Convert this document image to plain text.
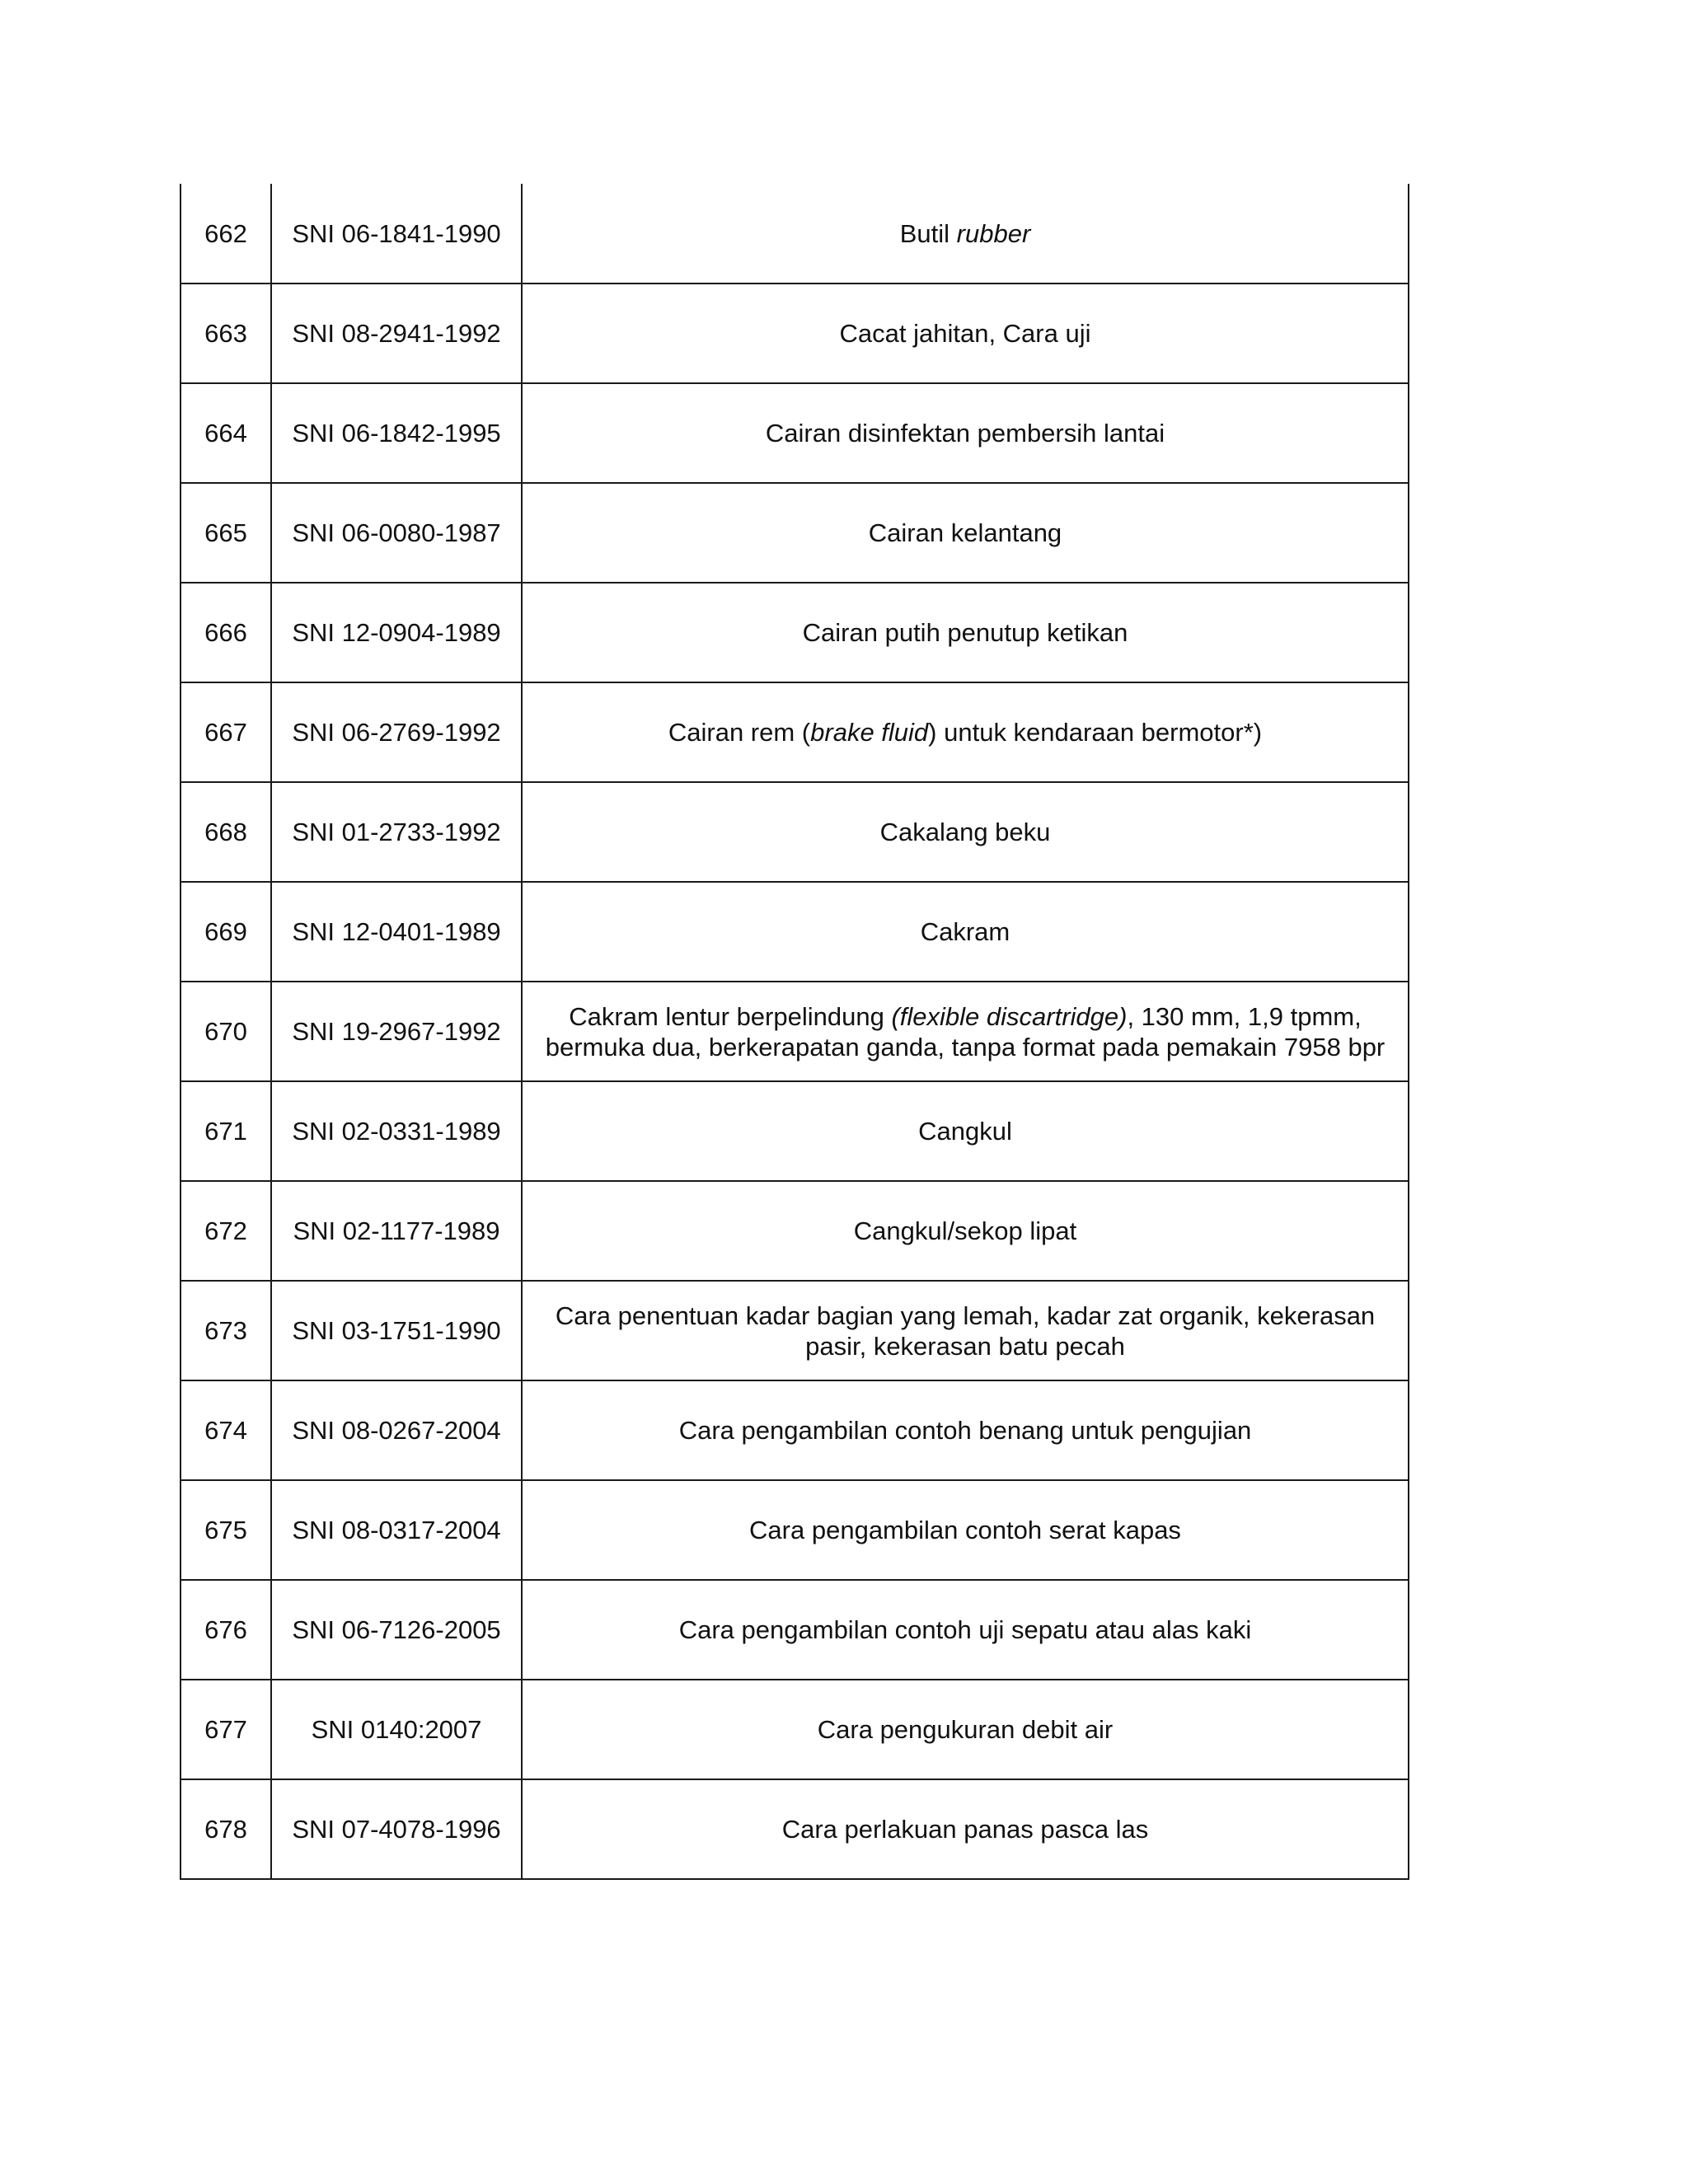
662	SNI 06-1841-1990	Butil rubber
663	SNI 08-2941-1992	Cacat jahitan, Cara uji
664	SNI 06-1842-1995	Cairan disinfektan pembersih lantai
665	SNI 06-0080-1987	Cairan kelantang
666	SNI 12-0904-1989	Cairan putih penutup ketikan
667	SNI 06-2769-1992	Cairan rem (brake fluid) untuk kendaraan bermotor*)
668	SNI 01-2733-1992	Cakalang beku
669	SNI 12-0401-1989	Cakram
670	SNI 19-2967-1992	Cakram lentur berpelindung (flexible discartridge), 130 mm, 1,9 tpmm, bermuka dua, berkerapatan ganda, tanpa format pada pemakain 7958 bpr
671	SNI 02-0331-1989	Cangkul
672	SNI 02-1177-1989	Cangkul/sekop lipat
673	SNI 03-1751-1990	Cara penentuan kadar bagian yang lemah, kadar zat organik, kekerasan pasir, kekerasan batu pecah
674	SNI 08-0267-2004	Cara pengambilan contoh benang untuk pengujian
675	SNI 08-0317-2004	Cara pengambilan contoh serat kapas
676	SNI 06-7126-2005	Cara pengambilan contoh uji sepatu atau alas kaki
677	SNI 0140:2007	Cara pengukuran debit air
678	SNI 07-4078-1996	Cara perlakuan panas pasca las
